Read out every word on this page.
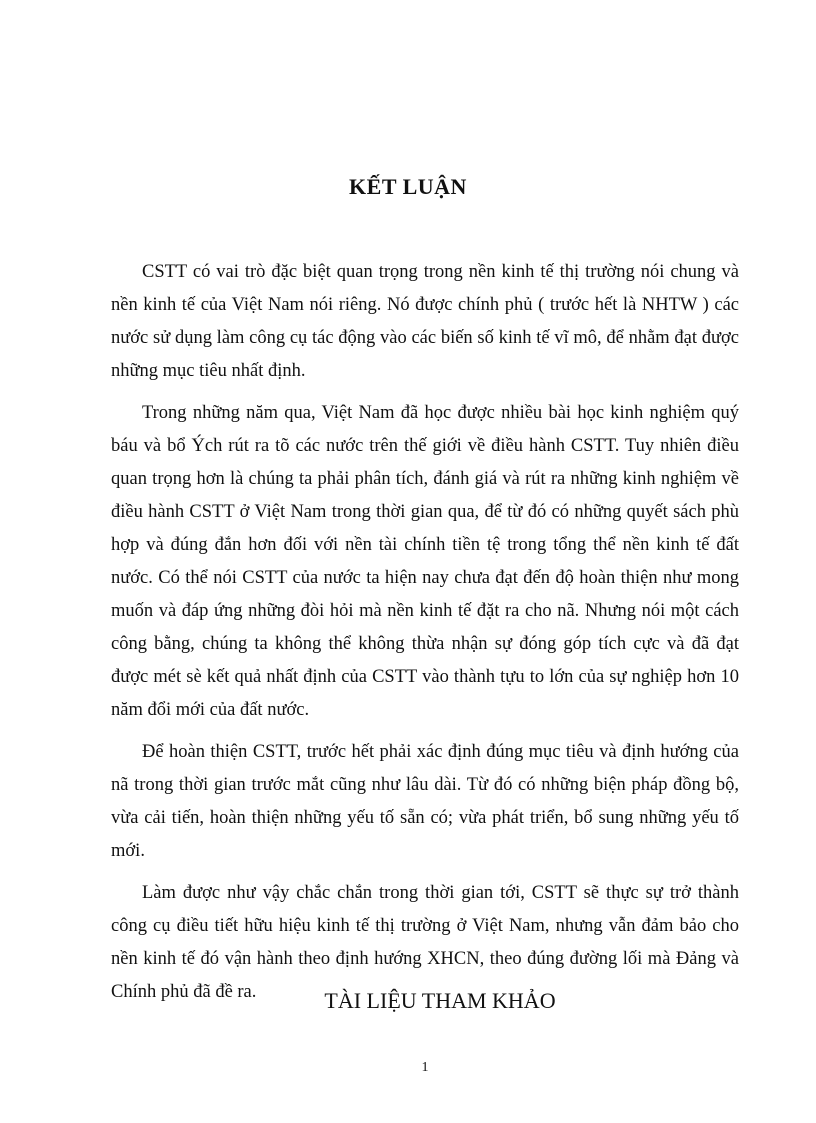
KẾT LUẬN

CSTT có vai trò đặc biệt quan trọng trong nền kinh tế thị trường nói chung và nền kinh tế của Việt Nam nói riêng. Nó được chính phủ ( trước hết là NHTW ) các nước sử dụng làm công cụ tác động vào các biến số kinh tế vĩ mô, để nhằm đạt được những mục tiêu nhất định.

Trong những năm qua, Việt Nam đã học được nhiều bài học kinh nghiệm quý báu và bổ Ých rút ra tõ các nước trên thế giới về điều hành CSTT. Tuy nhiên điều quan trọng hơn là chúng ta phải phân tích, đánh giá và rút ra những kinh nghiệm về điều hành CSTT ở Việt Nam trong thời gian qua, để từ đó có những quyết sách phù hợp và đúng đắn hơn đối với nền tài chính tiền tệ trong tổng thể nền kinh tế đất nước. Có thể nói CSTT của nước ta hiện nay chưa đạt đến độ hoàn thiện như mong muốn và đáp ứng những đòi hỏi mà nền kinh tế đặt ra cho nã. Nhưng nói một cách công bằng, chúng ta không thể không thừa nhận sự đóng góp tích cực và đã đạt được mét sè kết quả nhất định của CSTT vào thành tựu to lớn của sự nghiệp hơn 10 năm đổi mới của đất nước.

Để hoàn thiện CSTT, trước hết phải xác định đúng mục tiêu và định hướng của nã trong thời gian trước mắt cũng như lâu dài. Từ đó có những biện pháp đồng bộ, vừa cải tiến, hoàn thiện những yếu tố sẵn có; vừa phát triển, bổ sung những yếu tố mới.

Làm được như vậy chắc chắn trong thời gian tới, CSTT sẽ thực sự trở thành công cụ điều tiết hữu hiệu kinh tế thị trường ở Việt Nam, nhưng vẫn đảm bảo cho nền kinh tế đó vận hành theo định hướng XHCN, theo đúng đường lối mà Đảng và Chính phủ đã đề ra.	TÀI LIỆU THAM KHẢO
1
